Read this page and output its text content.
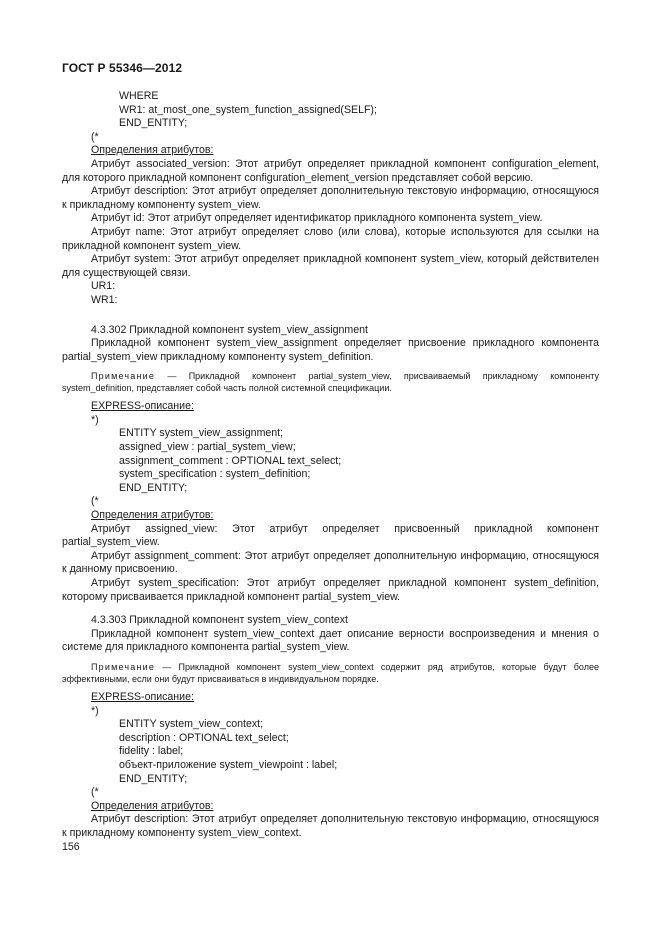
ГОСТ Р 55346—2012

WHERE

WR1: at_most_one_system_function_assigned(SELF);

END_ENTITY;

(*

Определения атрибутов:

Атрибут associated_version: Этот атрибут определяет прикладной компонент configuration_element, для которого прикладной компонент configuration_element_version представляет собой версию.

Атрибут description: Этот атрибут определяет дополнительную текстовую информацию, относящуюся к прикладному компоненту system_view.

Атрибут id: Этот атрибут определяет идентификатор прикладного компонента system_view.

Атрибут name: Этот атрибут определяет слово (или слова), которые используются для ссылки на прикладной компонент system_view.

Атрибут system: Этот атрибут определяет прикладной компонент system_view, который действителен для существующей связи.

UR1:

WR1:

4.3.302 Прикладной компонент system_view_assignment

Прикладной компонент system_view_assignment определяет присвоение прикладного компонента partial_system_view прикладному компоненту system_definition.

Примечание — Прикладной компонент partial_system_view, присваиваемый прикладному компоненту system_definition, представляет собой часть полной системной спецификации.

EXPRESS-описание:

*)

ENTITY system_view_assignment;

assigned_view : partial_system_view;

assignment_comment : OPTIONAL text_select;

system_specification : system_definition;

END_ENTITY;

(*

Определения атрибутов:

Атрибут assigned_view: Этот атрибут определяет присвоенный прикладной компонент partial_system_view.

Атрибут assignment_comment: Этот атрибут определяет дополнительную информацию, относящуюся к данному присвоению.

Атрибут system_specification: Этот атрибут определяет прикладной компонент system_definition, которому присваивается прикладной компонент partial_system_view.

4.3.303 Прикладной компонент system_view_context

Прикладной компонент system_view_context дает описание верности воспроизведения и мнения о системе для прикладного компонента partial_system_view.

Примечание — Прикладной компонент system_view_context содержит ряд атрибутов, которые будут более эффективными, если они будут присваиваться в индивидуальном порядке.

EXPRESS-описание:

*)

ENTITY system_view_context;

description : OPTIONAL text_select;

fidelity : label;

объект-приложение system_viewpoint : label;

END_ENTITY;

(*

Определения атрибутов:

Атрибут description: Этот атрибут определяет дополнительную текстовую информацию, относящуюся к прикладному компоненту system_view_context.

156
